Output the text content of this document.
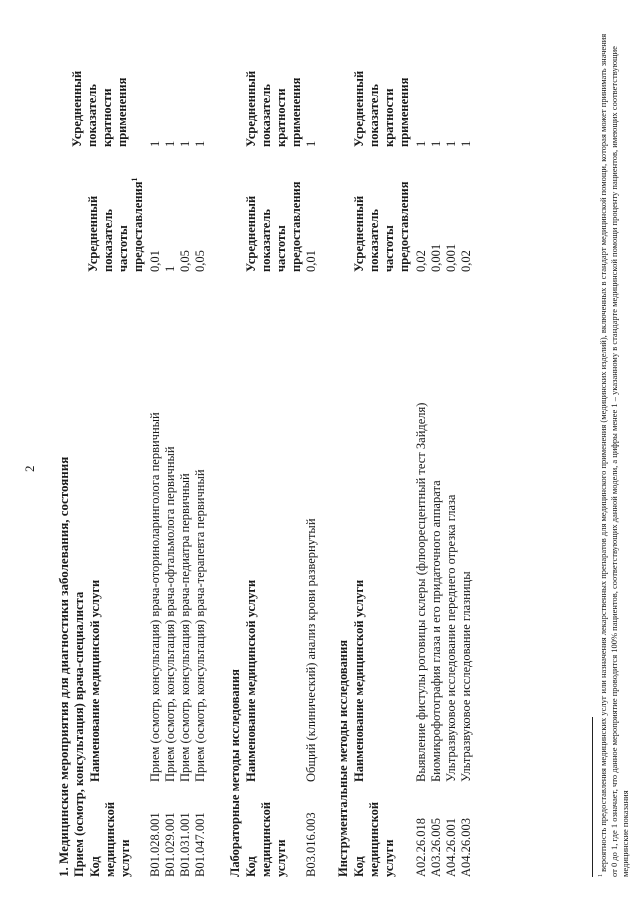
2 1. Медицинские мероприятия для диагностики заболевания, состояния Прием (осмотр, консультация) врача-специалиста Код
медицинской
услуги
Наименование медицинской услуги
Усредненный
показатель
частоты
предоставления$^1$
Усредненный
показатель
кратности
применения
B01.028.001
Прием (осмотр, консультация) врача-оториноларинголога первичный
0,01
1
B01.029.001
Прием (осмотр, консультация) врача-офтальмолога первичный
1
1
B01.031.001
Прием (осмотр, консультация) врача-педиатра первичный
0,05
1
B01.047.001
Прием (осмотр, консультация) врача-терапевта первичный
0,05
1
Лабораторные методы исследования Код
медицинской
услуги
Наименование медицинской услуги
Усредненный
показатель
частоты
предоставления
Усредненный
показатель
кратности
применения
B03.016.003
Общий (клинический) анализ крови развернутый
0,01
1
Инструментальные методы исследования Код
медицинской
услуги
Наименование медицинской услуги
Усредненный
показатель
частоты
предоставления
Усредненный
показатель
кратности
применения
A02.26.018
Выявление фистулы роговицы склеры (флюоресцентный тест Зайделя)
0,02
1
A03.26.005
Биомикрофотография глаза и его придаточного аппарата
0,001
1
A04.26.001
Ультразвуковое исследование переднего отрезка глаза
0,001
1
A04.26.003
Ультразвуковое исследование глазницы
0,02
1
$^1$ вероятность предоставления медицинских услуг или назначения лекарственных препаратов для медицинского применения (медицинских изделий), включенных в стандарт медицинской помощи, которая может принимать значения от 0 до 1, где 1 означает, что данное мероприятие проводится 100% пациентов, соответствующих данной модели, а цифры менее 1 – указанному в стандарте медицинской помощи проценту пациентов, имеющих соответствующие медицинские показания
